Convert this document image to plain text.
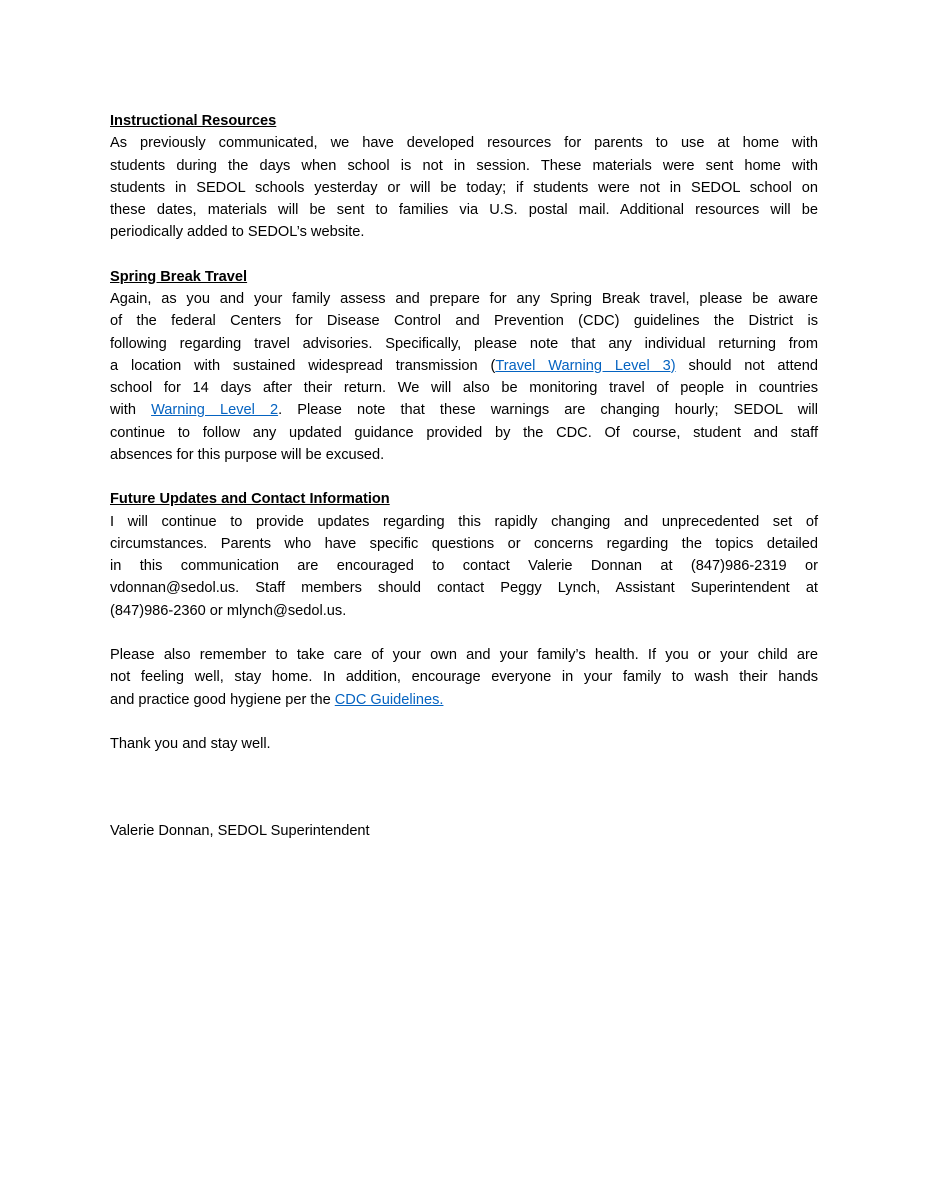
Instructional Resources
As previously communicated, we have developed resources for parents to use at home with
students during the days when school is not in session. These materials were sent home with
students in SEDOL schools yesterday or will be today; if students were not in SEDOL school on
these dates, materials will be sent to families via U.S. postal mail. Additional resources will be
periodically added to SEDOL’s website.
Spring Break Travel
Again, as you and your family assess and prepare for any Spring Break travel, please be aware
of the federal Centers for Disease Control and Prevention (CDC) guidelines the District is
following regarding travel advisories. Specifically, please note that any individual returning from
a location with sustained widespread transmission (Travel Warning Level 3) should not attend
school for 14 days after their return. We will also be monitoring travel of people in countries
with Warning Level 2. Please note that these warnings are changing hourly; SEDOL will
continue to follow any updated guidance provided by the CDC. Of course, student and staff
absences for this purpose will be excused.
Future Updates and Contact Information
I will continue to provide updates regarding this rapidly changing and unprecedented set of
circumstances. Parents who have specific questions or concerns regarding the topics detailed
in this communication are encouraged to contact Valerie Donnan at (847)986-2319 or
vdonnan@sedol.us. Staff members should contact Peggy Lynch, Assistant Superintendent at
(847)986-2360 or mlynch@sedol.us.
Please also remember to take care of your own and your family’s health. If you or your child are
not feeling well, stay home. In addition, encourage everyone in your family to wash their hands
and practice good hygiene per the CDC Guidelines.
Thank you and stay well.
Valerie Donnan, SEDOL Superintendent
